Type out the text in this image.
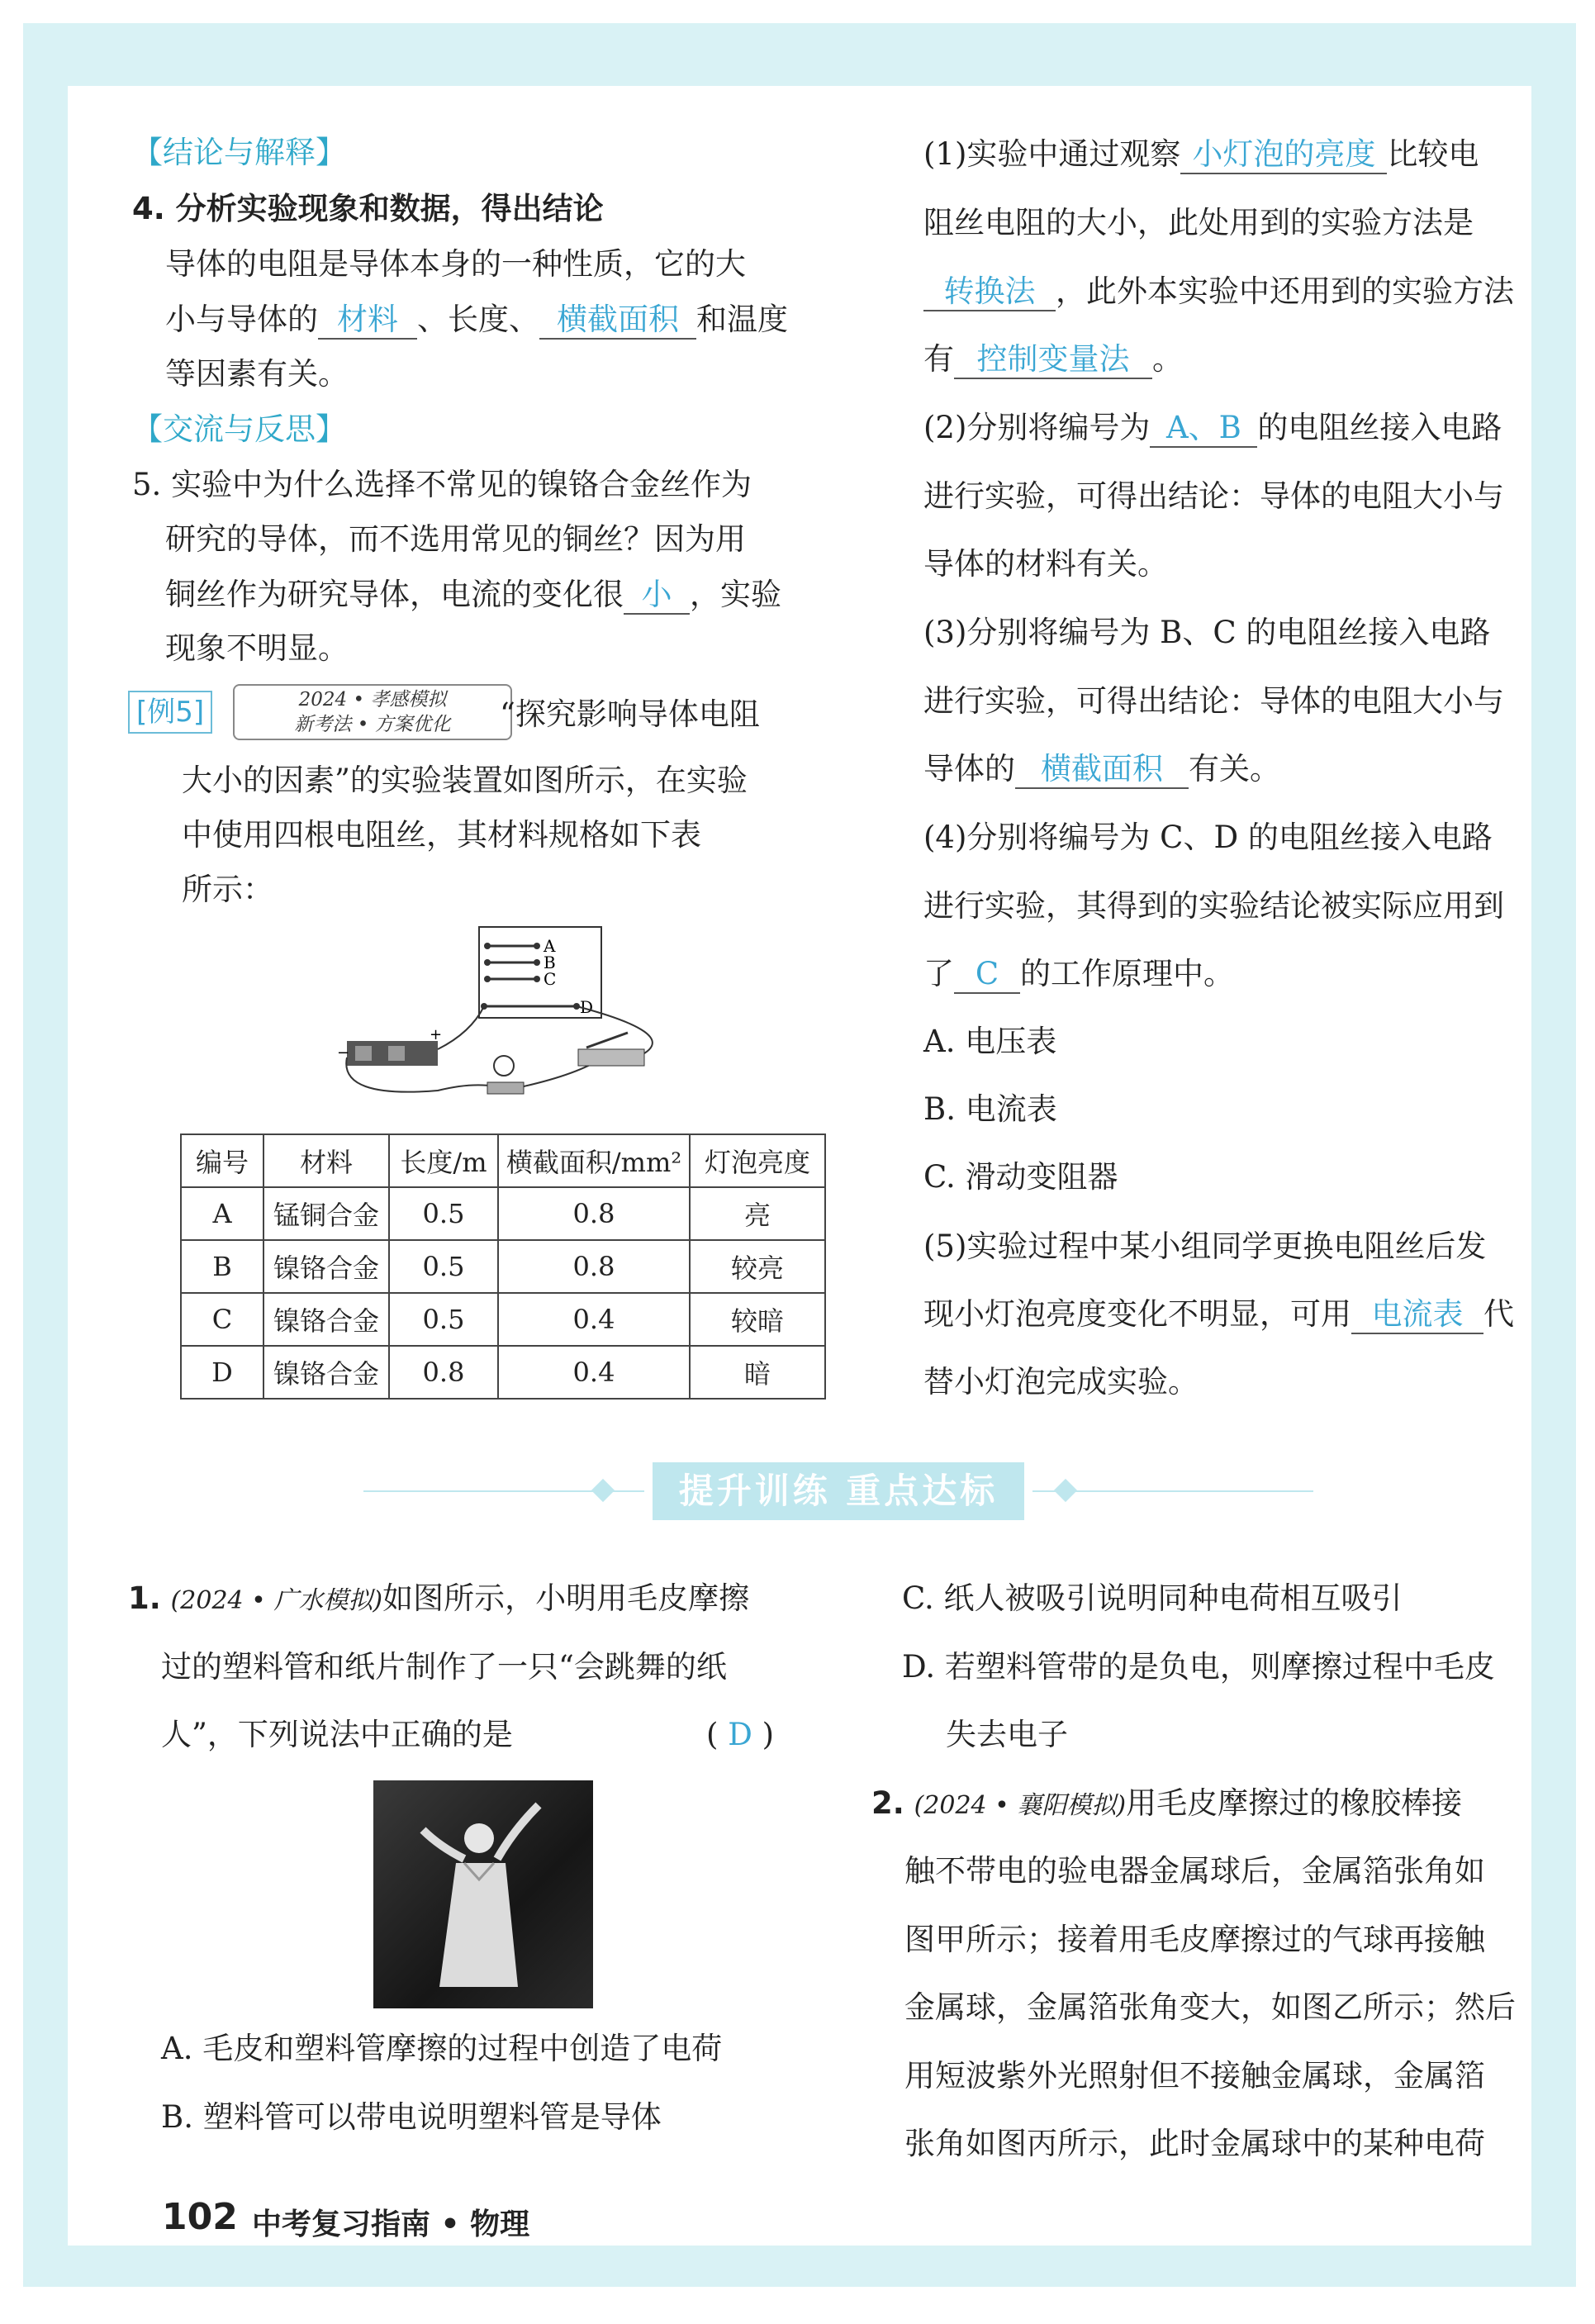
【结论与解释】
4. 分析实验现象和数据，得出结论
导体的电阻是导体本身的一种性质，它的大
小与导体的 材料 、长度、 横截面积 和温度
等因素有关。
【交流与反思】
5. 实验中为什么选择不常见的镍铬合金丝作为
研究的导体，而不选用常见的铜丝？因为用
铜丝作为研究导体，电流的变化很 小 ，实验
现象不明显。
[例5]	2024 • 孝感模拟
新考法 • 方案优化	“探究影响导体电阻
大小的因素”的实验装置如图所示，在实验
中使用四根电阻丝，其材料规格如下表
所示：
A
B
C
D
−
+
编号	材料	长度/m	横截面积/mm²	灯泡亮度
A	锰铜合金	0.5	0.8	亮
B	镍铬合金	0.5	0.8	较亮
C	镍铬合金	0.5	0.4	较暗
D	镍铬合金	0.8	0.4	暗
(1)实验中通过观察 小灯泡的亮度 比较电
阻丝电阻的大小，此处用到的实验方法是
转换法 ，此外本实验中还用到的实验方法
有 控制变量法 。
(2)分别将编号为 A、B 的电阻丝接入电路
进行实验，可得出结论：导体的电阻大小与
导体的材料有关。
(3)分别将编号为 B、C 的电阻丝接入电路
进行实验，可得出结论：导体的电阻大小与
导体的 横截面积 有关。
(4)分别将编号为 C、D 的电阻丝接入电路
进行实验，其得到的实验结论被实际应用到
了 C 的工作原理中。
A. 电压表
B. 电流表
C. 滑动变阻器
(5)实验过程中某小组同学更换电阻丝后发
现小灯泡亮度变化不明显，可用 电流表 代
替小灯泡完成实验。
提升训练 重点达标
1. (2024 • 广水模拟)如图所示，小明用毛皮摩擦
过的塑料管和纸片制作了一只“会跳舞的纸
人”，下列说法中正确的是	( D )
A. 毛皮和塑料管摩擦的过程中创造了电荷
B. 塑料管可以带电说明塑料管是导体
C. 纸人被吸引说明同种电荷相互吸引
D. 若塑料管带的是负电，则摩擦过程中毛皮
失去电子
2. (2024 • 襄阳模拟)用毛皮摩擦过的橡胶棒接
触不带电的验电器金属球后，金属箔张角如
图甲所示；接着用毛皮摩擦过的气球再接触
金属球，金属箔张角变大，如图乙所示；然后
用短波紫外光照射但不接触金属球，金属箔
张角如图丙所示，此时金属球中的某种电荷
102 中考复习指南 • 物理
